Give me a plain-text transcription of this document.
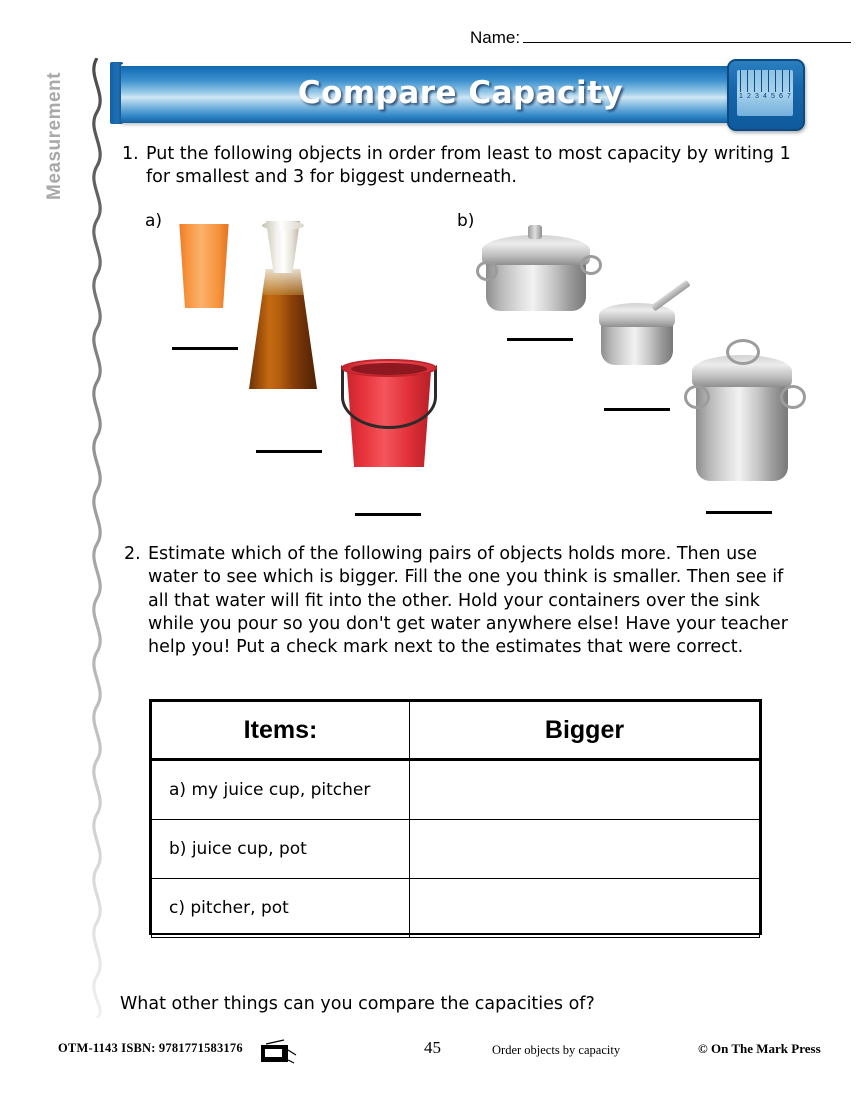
Name:
Measurement	Compare Capacity	1 2 3 4 5 6 7
1. Put the following objects in order from least to most capacity by writing 1 for smallest and 3 for biggest underneath.
a)	b)
2. Estimate which of the following pairs of objects holds more. Then use water to see which is bigger. Fill the one you think is smaller. Then see if all that water will fit into the other. Hold your containers over the sink while you pour so you don't get water anywhere else! Have your teacher help you! Put a check mark next to the estimates that were correct.
Items:	Bigger
a) my juice cup, pitcher	
b) juice cup, pot	
c) pitcher, pot	
What other things can you compare the capacities of?
OTM-1143 ISBN: 9781771583176	45	Order objects by capacity	© On The Mark Press
